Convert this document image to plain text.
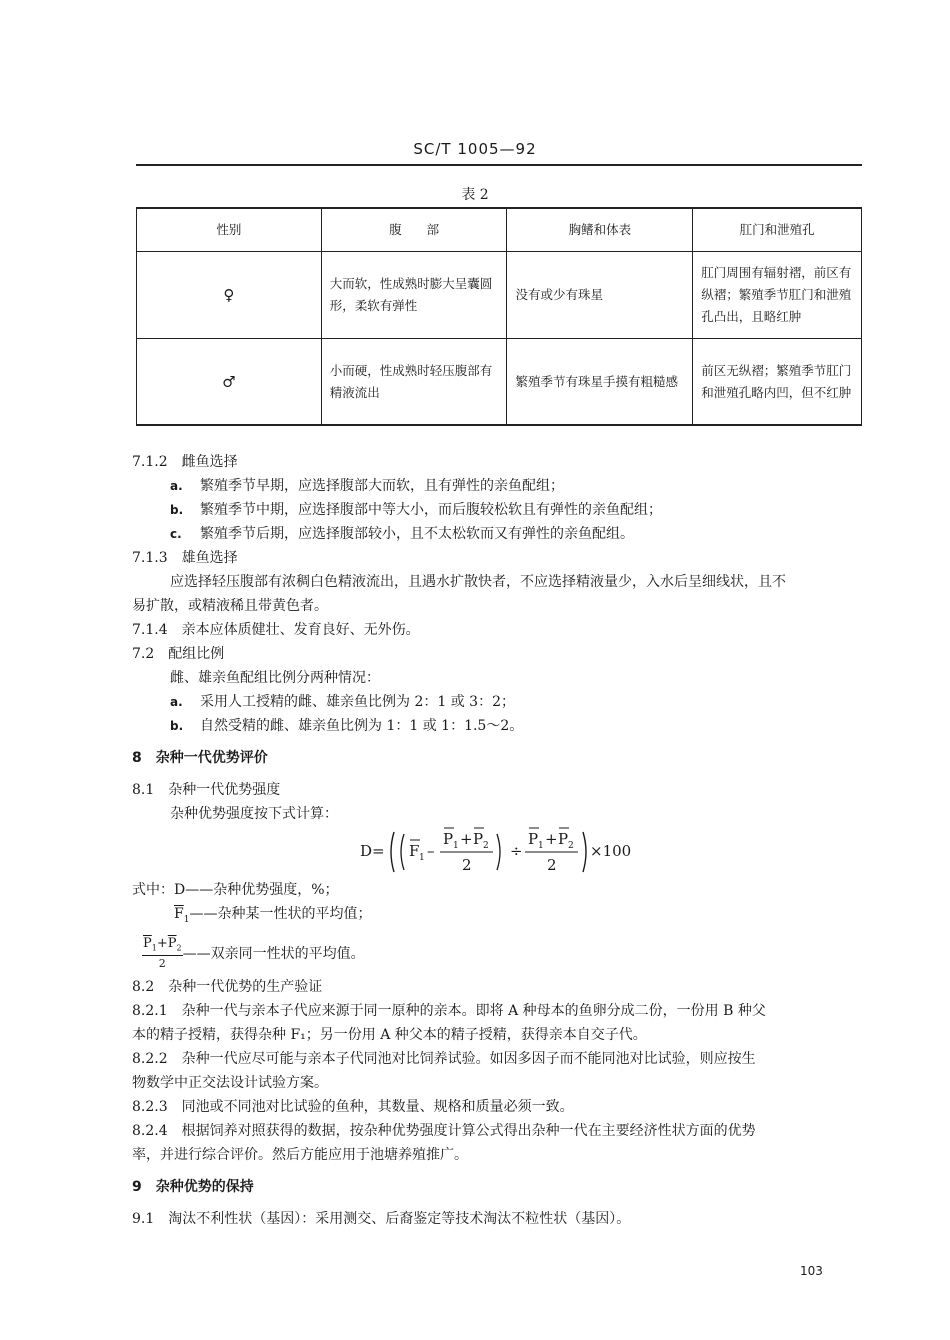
SC/T 1005—92
表 2
性别	腹　　部	胸鳍和体表	肛门和泄殖孔
♀	大而软，性成熟时膨大呈囊圆形，柔软有弹性	没有或少有珠星	肛门周围有辐射褶，前区有纵褶；繁殖季节肛门和泄殖孔凸出，且略红肿
♂	小而硬，性成熟时轻压腹部有精液流出	繁殖季节有珠星手摸有粗糙感	前区无纵褶；繁殖季节肛门和泄殖孔略内凹，但不红肿

7.1.2　雌鱼选择

a. 繁殖季节早期，应选择腹部大而软，且有弹性的亲鱼配组；

b. 繁殖季节中期，应选择腹部中等大小，而后腹较松软且有弹性的亲鱼配组；

c. 繁殖季节后期，应选择腹部较小，且不太松软而又有弹性的亲鱼配组。

7.1.3　雄鱼选择

应选择轻压腹部有浓稠白色精液流出，且遇水扩散快者，不应选择精液量少，入水后呈细线状，且不

易扩散，或精液稀且带黄色者。

7.1.4　亲本应体质健壮、发育良好、无外伤。

7.2　配组比例

雌、雄亲鱼配组比例分两种情况：

a. 采用人工授精的雌、雄亲鱼比例为 2：1 或 3：2；

b. 自然受精的雌、雄亲鱼比例为 1：1 或 1：1.5～2。

8　杂种一代优势评价

8.1　杂种一代优势强度

杂种优势强度按下式计算：

D= F 1 –
P 1 + P 2
2
÷
P 1 + P 2
2
×100

式中：D——杂种优势强度，%；

$\overline{F}_1——$杂种某一性状的平均值；

$\overline{P}_1+\overline{P}_2$
2
——双亲同一性状的平均值。

8.2　杂种一代优势的生产验证

8.2.1　杂种一代与亲本子代应来源于同一原种的亲本。即将 A 种母本的鱼卵分成二份，一份用 B 种父

本的精子授精，获得杂种 F₁；另一份用 A 种父本的精子授精，获得亲本自交子代。

8.2.2　杂种一代应尽可能与亲本子代同池对比饲养试验。如因多因子而不能同池对比试验，则应按生

物数学中正交法设计试验方案。

8.2.3　同池或不同池对比试验的鱼种，其数量、规格和质量必须一致。

8.2.4　根据饲养对照获得的数据，按杂种优势强度计算公式得出杂种一代在主要经济性状方面的优势

率，并进行综合评价。然后方能应用于池塘养殖推广。

9　杂种优势的保持

9.1　淘汰不利性状（基因）：采用测交、后裔鉴定等技术淘汰不粒性状（基因）。

103
